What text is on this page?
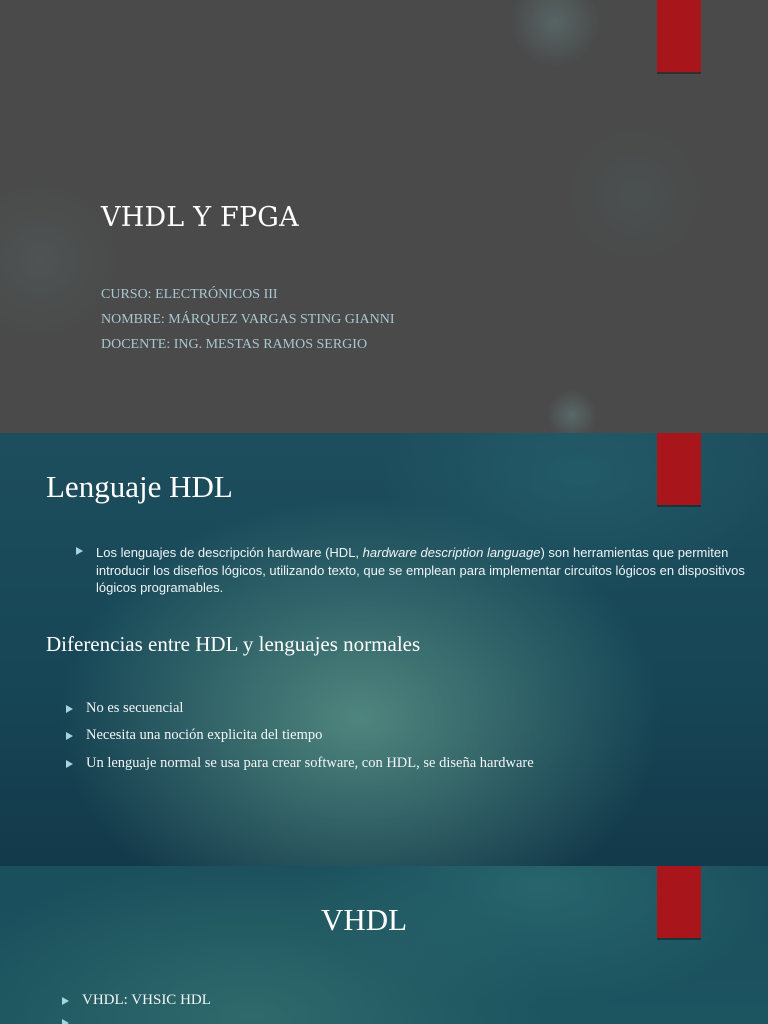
VHDL Y FPGA
CURSO: ELECTRÓNICOS III
NOMBRE: MÁRQUEZ VARGAS STING GIANNI
DOCENTE: ING. MESTAS RAMOS SERGIO
Lenguaje HDL

Los lenguajes de descripción hardware (HDL, hardware description language) son herramientas que permiten introducir los diseños lógicos, utilizando texto, que se emplean para implementar circuitos lógicos en dispositivos lógicos programables.

Diferencias entre HDL y lenguajes normales
No es secuencial
Necesita una noción explicita del tiempo
Un lenguaje normal se usa para crear software, con HDL, se diseña hardware
VHDL
VHDL: VHSIC HDL
